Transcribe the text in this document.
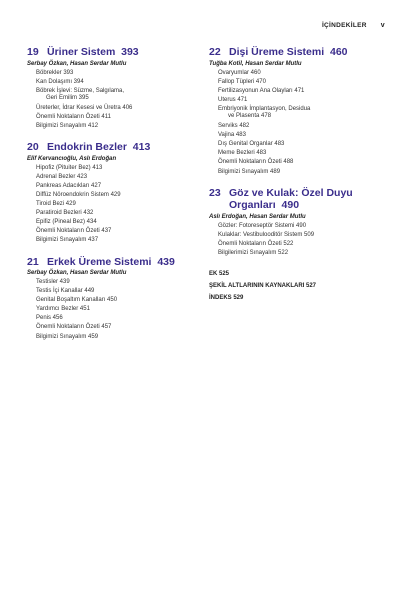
İÇİNDEKİLER v
19 Üriner Sistem 393
Serbay Özkan, Hasan Serdar Mutlu
Böbrekler 393
Kan Dolaşımı 394
Böbrek İşlevi: Süzme, Salgılama,
Geri Emilim 395
Üreterler, İdrar Kesesi ve Üretra 406
Önemli Noktaların Özeti 411
Bilgimizi Sınayalım 412
20 Endokrin Bezler 413
Elif Kervancıoğlu, Aslı Erdoğan
Hipofiz (Pituiter Bez) 413
Adrenal Bezler 423
Pankreas Adacıkları 427
Diffüz Nöroendokrin Sistem 429
Tiroid Bezi 429
Paratiroid Bezleri 432
Epifiz (Pineal Bez) 434
Önemli Noktaların Özeti 437
Bilgimizi Sınayalım 437
21 Erkek Üreme Sistemi 439
Serbay Özkan, Hasan Serdar Mutlu
Testisler 439
Testis İçi Kanallar 449
Genital Boşaltım Kanalları 450
Yardımcı Bezler 451
Penis 456
Önemli Noktaların Özeti 457
Bilgimizi Sınayalım 459
22 Dişi Üreme Sistemi 460
Tuğba Kotil, Hasan Serdar Mutlu
Ovaryumlar 460
Fallop Tüpleri 470
Fertilizasyonun Ana Olayları 471
Uterus 471
Embriyonik İmplantasyon, Desidua
ve Plasenta 478
Serviks 482
Vajina 483
Dış Genital Organlar 483
Meme Bezleri 483
Önemli Noktaların Özeti 488
Bilgimizi Sınayalım 489
23 Göz ve Kulak: Özel Duyu Organları 490
Aslı Erdoğan, Hasan Serdar Mutlu
Gözler: Fotoreseptör Sistemi 490
Kulaklar: Vestibulooditör Sistem 509
Önemli Noktaların Özeti 522
Bilgilerimizi Sınayalım 522
EK 525
ŞEKİL ALTLARININ KAYNAKLARI 527
İNDEKS 529
